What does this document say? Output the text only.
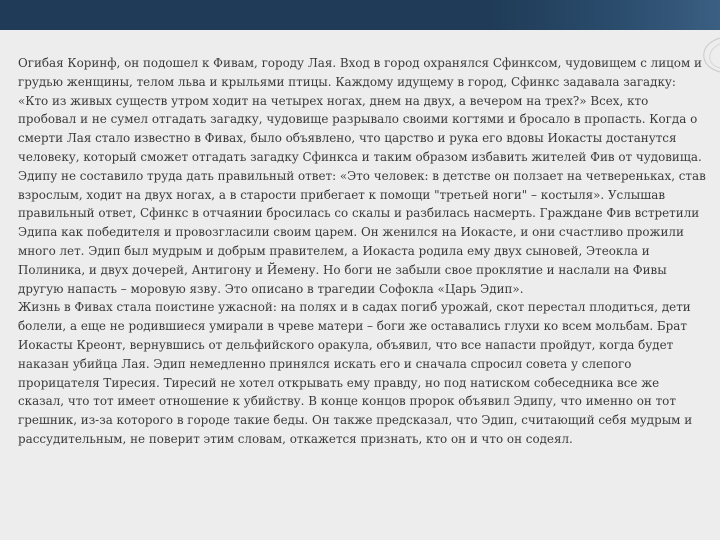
Огибая Коринф, он подошел к Фивам, городу Лая. Вход в город охранялся Сфинксом, чудовищем с лицом и грудью женщины, телом льва и крыльями птицы. Каждому идущему в город, Сфинкс задавала загадку: «Кто из живых существ утром ходит на четырех ногах, днем на двух, а вечером на трех?» Всех, кто пробовал и не сумел отгадать загадку, чудовище разрывало своими когтями и бросало в пропасть. Когда о смерти Лая стало известно в Фивах, было объявлено, что царство и рука его вдовы Иокасты достанутся человеку, который сможет отгадать загадку Сфинкса и таким образом избавить жителей Фив от чудовища. Эдипу не составило труда дать правильный ответ: «Это человек: в детстве он ползает на четвереньках, став взрослым, ходит на двух ногах, а в старости прибегает к помощи "третьей ноги" – костыля». Услышав правильный ответ, Сфинкс в отчаянии бросилась со скалы и разбилась насмерть. Граждане Фив встретили Эдипа как победителя и провозгласили своим царем. Он женился на Иокасте, и они счастливо прожили много лет. Эдип был мудрым и добрым правителем, а Иокаста родила ему двух сыновей, Этеокла и Полиника, и двух дочерей, Антигону и Йемену. Но боги не забыли свое проклятие и наслали на Фивы другую напасть – моровую язву. Это описано в трагедии Софокла «Царь Эдип».

Жизнь в Фивах стала поистине ужасной: на полях и в садах погиб урожай, скот перестал плодиться, дети болели, а еще не родившиеся умирали в чреве матери – боги же оставались глухи ко всем мольбам. Брат Иокасты Креонт, вернувшись от дельфийского оракула, объявил, что все напасти пройдут, когда будет наказан убийца Лая. Эдип немедленно принялся искать его и сначала спросил совета у слепого прорицателя Тиресия. Тиресий не хотел открывать ему правду, но под натиском собеседника все же сказал, что тот имеет отношение к убийству. В конце концов пророк объявил Эдипу, что именно он тот грешник, из-за которого в городе такие беды. Он также предсказал, что Эдип, считающий себя мудрым и рассудительным, не поверит этим словам, откажется признать, кто он и что он содеял.
